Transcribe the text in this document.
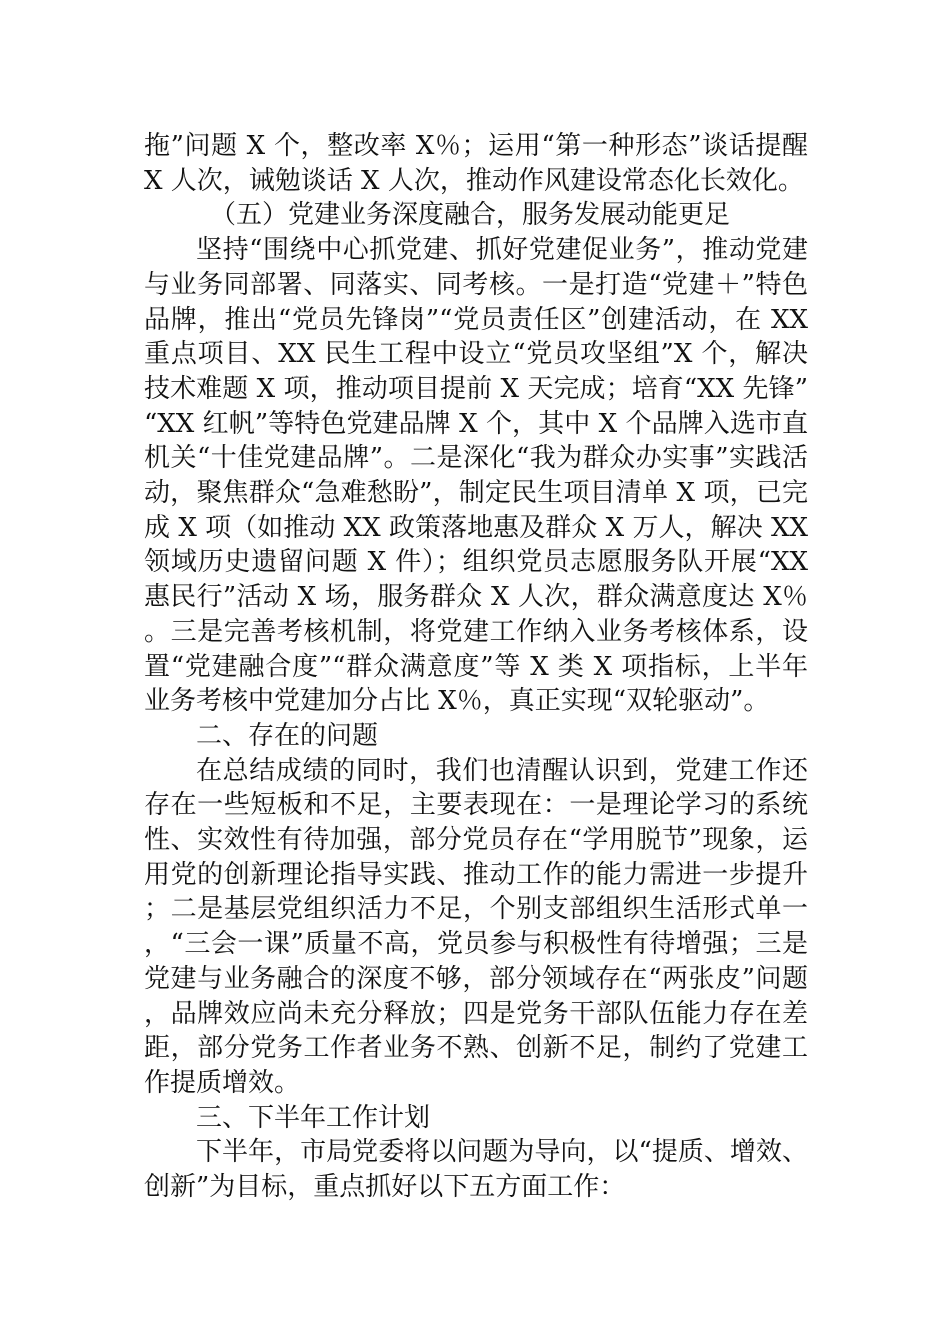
拖”问题 X 个，整改率 X％；运用“第一种形态”谈话提醒 X 人次，诫勉谈话 X 人次，推动作风建设常态化长效化。

（五）党建业务深度融合，服务发展动能更足

坚持“围绕中心抓党建、抓好党建促业务”，推动党建与业务同部署、同落实、同考核。一是打造“党建＋”特色品牌，推出“党员先锋岗”“党员责任区”创建活动，在 XX 重点项目、XX 民生工程中设立“党员攻坚组”X 个，解决技术难题 X 项，推动项目提前 X 天完成；培育“XX 先锋”“XX 红帆”等特色党建品牌 X 个，其中 X 个品牌入选市直机关“十佳党建品牌”。二是深化“我为群众办实事”实践活动，聚焦群众“急难愁盼”，制定民生项目清单 X 项，已完成 X 项（如推动 XX 政策落地惠及群众 X 万人，解决 XX 领域历史遗留问题 X 件）；组织党员志愿服务队开展“XX 惠民行”活动 X 场，服务群众 X 人次，群众满意度达 X％。三是完善考核机制，将党建工作纳入业务考核体系，设置“党建融合度”“群众满意度”等 X 类 X 项指标，上半年业务考核中党建加分占比 X％，真正实现“双轮驱动”。

二、存在的问题

在总结成绩的同时，我们也清醒认识到，党建工作还存在一些短板和不足，主要表现在：一是理论学习的系统性、实效性有待加强，部分党员存在“学用脱节”现象，运用党的创新理论指导实践、推动工作的能力需进一步提升；二是基层党组织活力不足，个别支部组织生活形式单一，“三会一课”质量不高，党员参与积极性有待增强；三是党建与业务融合的深度不够，部分领域存在“两张皮”问题，品牌效应尚未充分释放；四是党务干部队伍能力存在差距，部分党务工作者业务不熟、创新不足，制约了党建工作提质增效。

三、下半年工作计划

下半年，市局党委将以问题为导向，以“提质、增效、创新”为目标，重点抓好以下五方面工作：
